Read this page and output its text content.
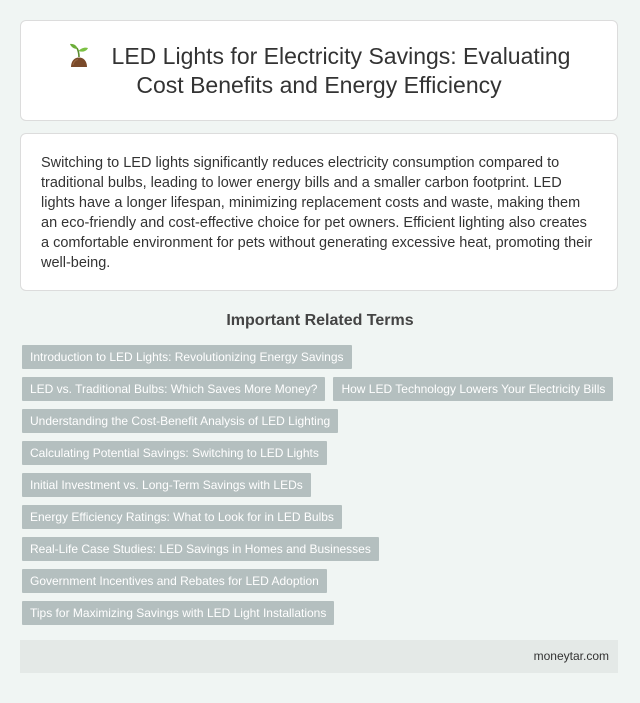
LED Lights for Electricity Savings: Evaluating Cost Benefits and Energy Efficiency

Switching to LED lights significantly reduces electricity consumption compared to traditional bulbs, leading to lower energy bills and a smaller carbon footprint. LED lights have a longer lifespan, minimizing replacement costs and waste, making them an eco-friendly and cost-effective choice for pet owners. Efficient lighting also creates a comfortable environment for pets without generating excessive heat, promoting their well-being.

Important Related Terms
Introduction to LED Lights: Revolutionizing Energy Savings
LED vs. Traditional Bulbs: Which Saves More Money?	How LED Technology Lowers Your Electricity Bills
Understanding the Cost-Benefit Analysis of LED Lighting
Calculating Potential Savings: Switching to LED Lights
Initial Investment vs. Long-Term Savings with LEDs
Energy Efficiency Ratings: What to Look for in LED Bulbs
Real-Life Case Studies: LED Savings in Homes and Businesses
Government Incentives and Rebates for LED Adoption
Tips for Maximizing Savings with LED Light Installations
moneytar.com
